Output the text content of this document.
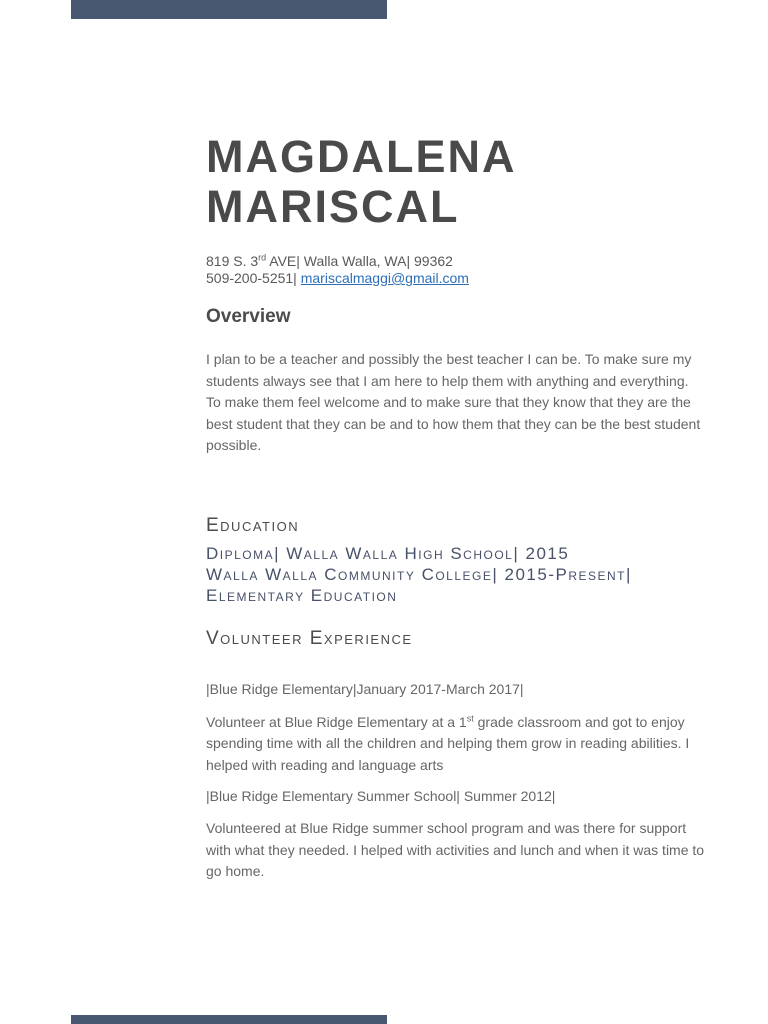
MAGDALENA
MARISCAL
819 S. 3rd AVE| Walla Walla, WA| 99362
509-200-5251| mariscalmaggi@gmail.com
Overview
I plan to be a teacher and possibly the best teacher I can be. To make sure my students always see that I am here to help them with anything and everything. To make them feel welcome and to make sure that they know that they are the best student that they can be and to how them that they can be the best student possible.
Education
Diploma| Walla Walla High School| 2015
Walla Walla Community College| 2015-Present|
Elementary Education
Volunteer Experience

|Blue Ridge Elementary|January 2017-March 2017|

Volunteer at Blue Ridge Elementary at a 1st grade classroom and got to enjoy spending time with all the children and helping them grow in reading abilities. I helped with reading and language arts

|Blue Ridge Elementary Summer School| Summer 2012|

Volunteered at Blue Ridge summer school program and was there for support with what they needed. I helped with activities and lunch and when it was time to go home.
